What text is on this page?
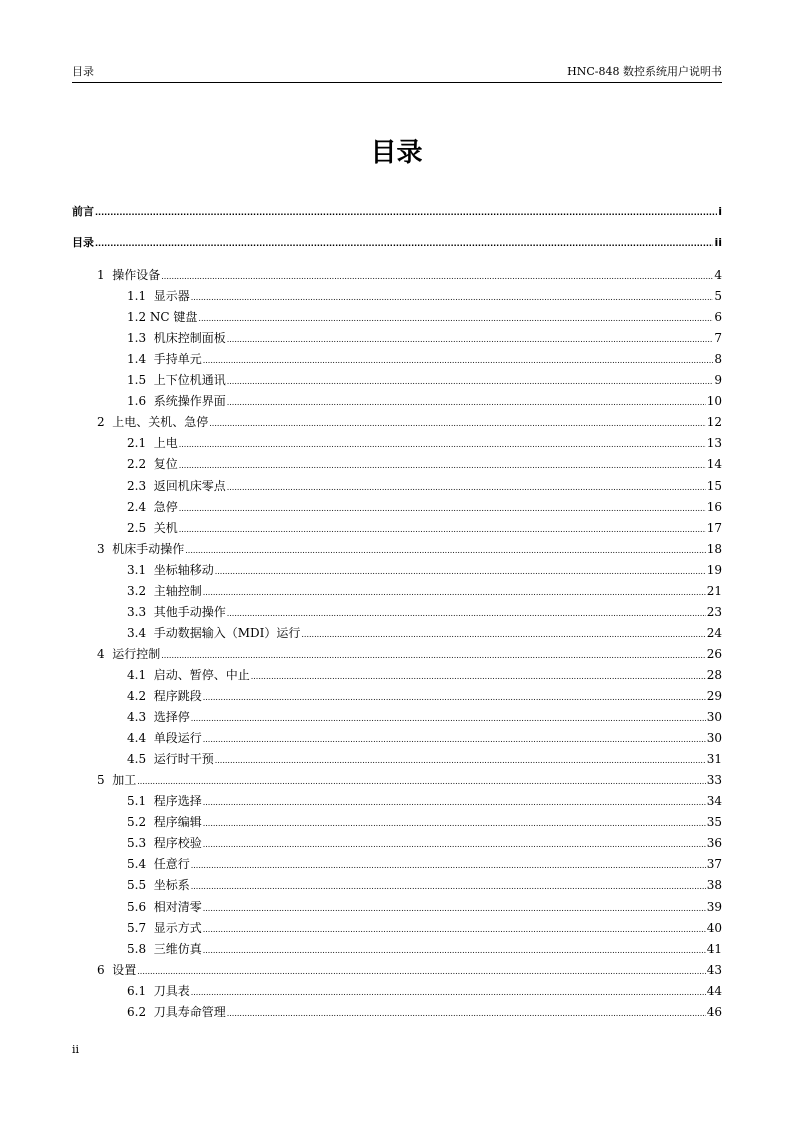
目录	HNC-848 数控系统用户说明书
目录
前言 .....	i
目录 .....	ii
1  操作设备 .....	4
1.1  显示器 .....	5
1.2 NC 键盘 .....	6
1.3  机床控制面板 .....	7
1.4  手持单元 .....	8
1.5  上下位机通讯 .....	9
1.6  系统操作界面 .....	10
2  上电、关机、急停 .....	12
2.1  上电 .....	13
2.2  复位 .....	14
2.3  返回机床零点 .....	15
2.4  急停 .....	16
2.5  关机 .....	17
3  机床手动操作 .....	18
3.1  坐标轴移动 .....	19
3.2  主轴控制 .....	21
3.3  其他手动操作 .....	23
3.4  手动数据输入（MDI）运行 .....	24
4  运行控制 .....	26
4.1  启动、暂停、中止 .....	28
4.2  程序跳段 .....	29
4.3  选择停 .....	30
4.4  单段运行 .....	30
4.5  运行时干预 .....	31
5  加工 .....	33
5.1  程序选择 .....	34
5.2  程序编辑 .....	35
5.3  程序校验 .....	36
5.4  任意行 .....	37
5.5  坐标系 .....	38
5.6  相对清零 .....	39
5.7  显示方式 .....	40
5.8  三维仿真 .....	41
6  设置 .....	43
6.1  刀具表 .....	44
6.2  刀具寿命管理 .....	46
ii
